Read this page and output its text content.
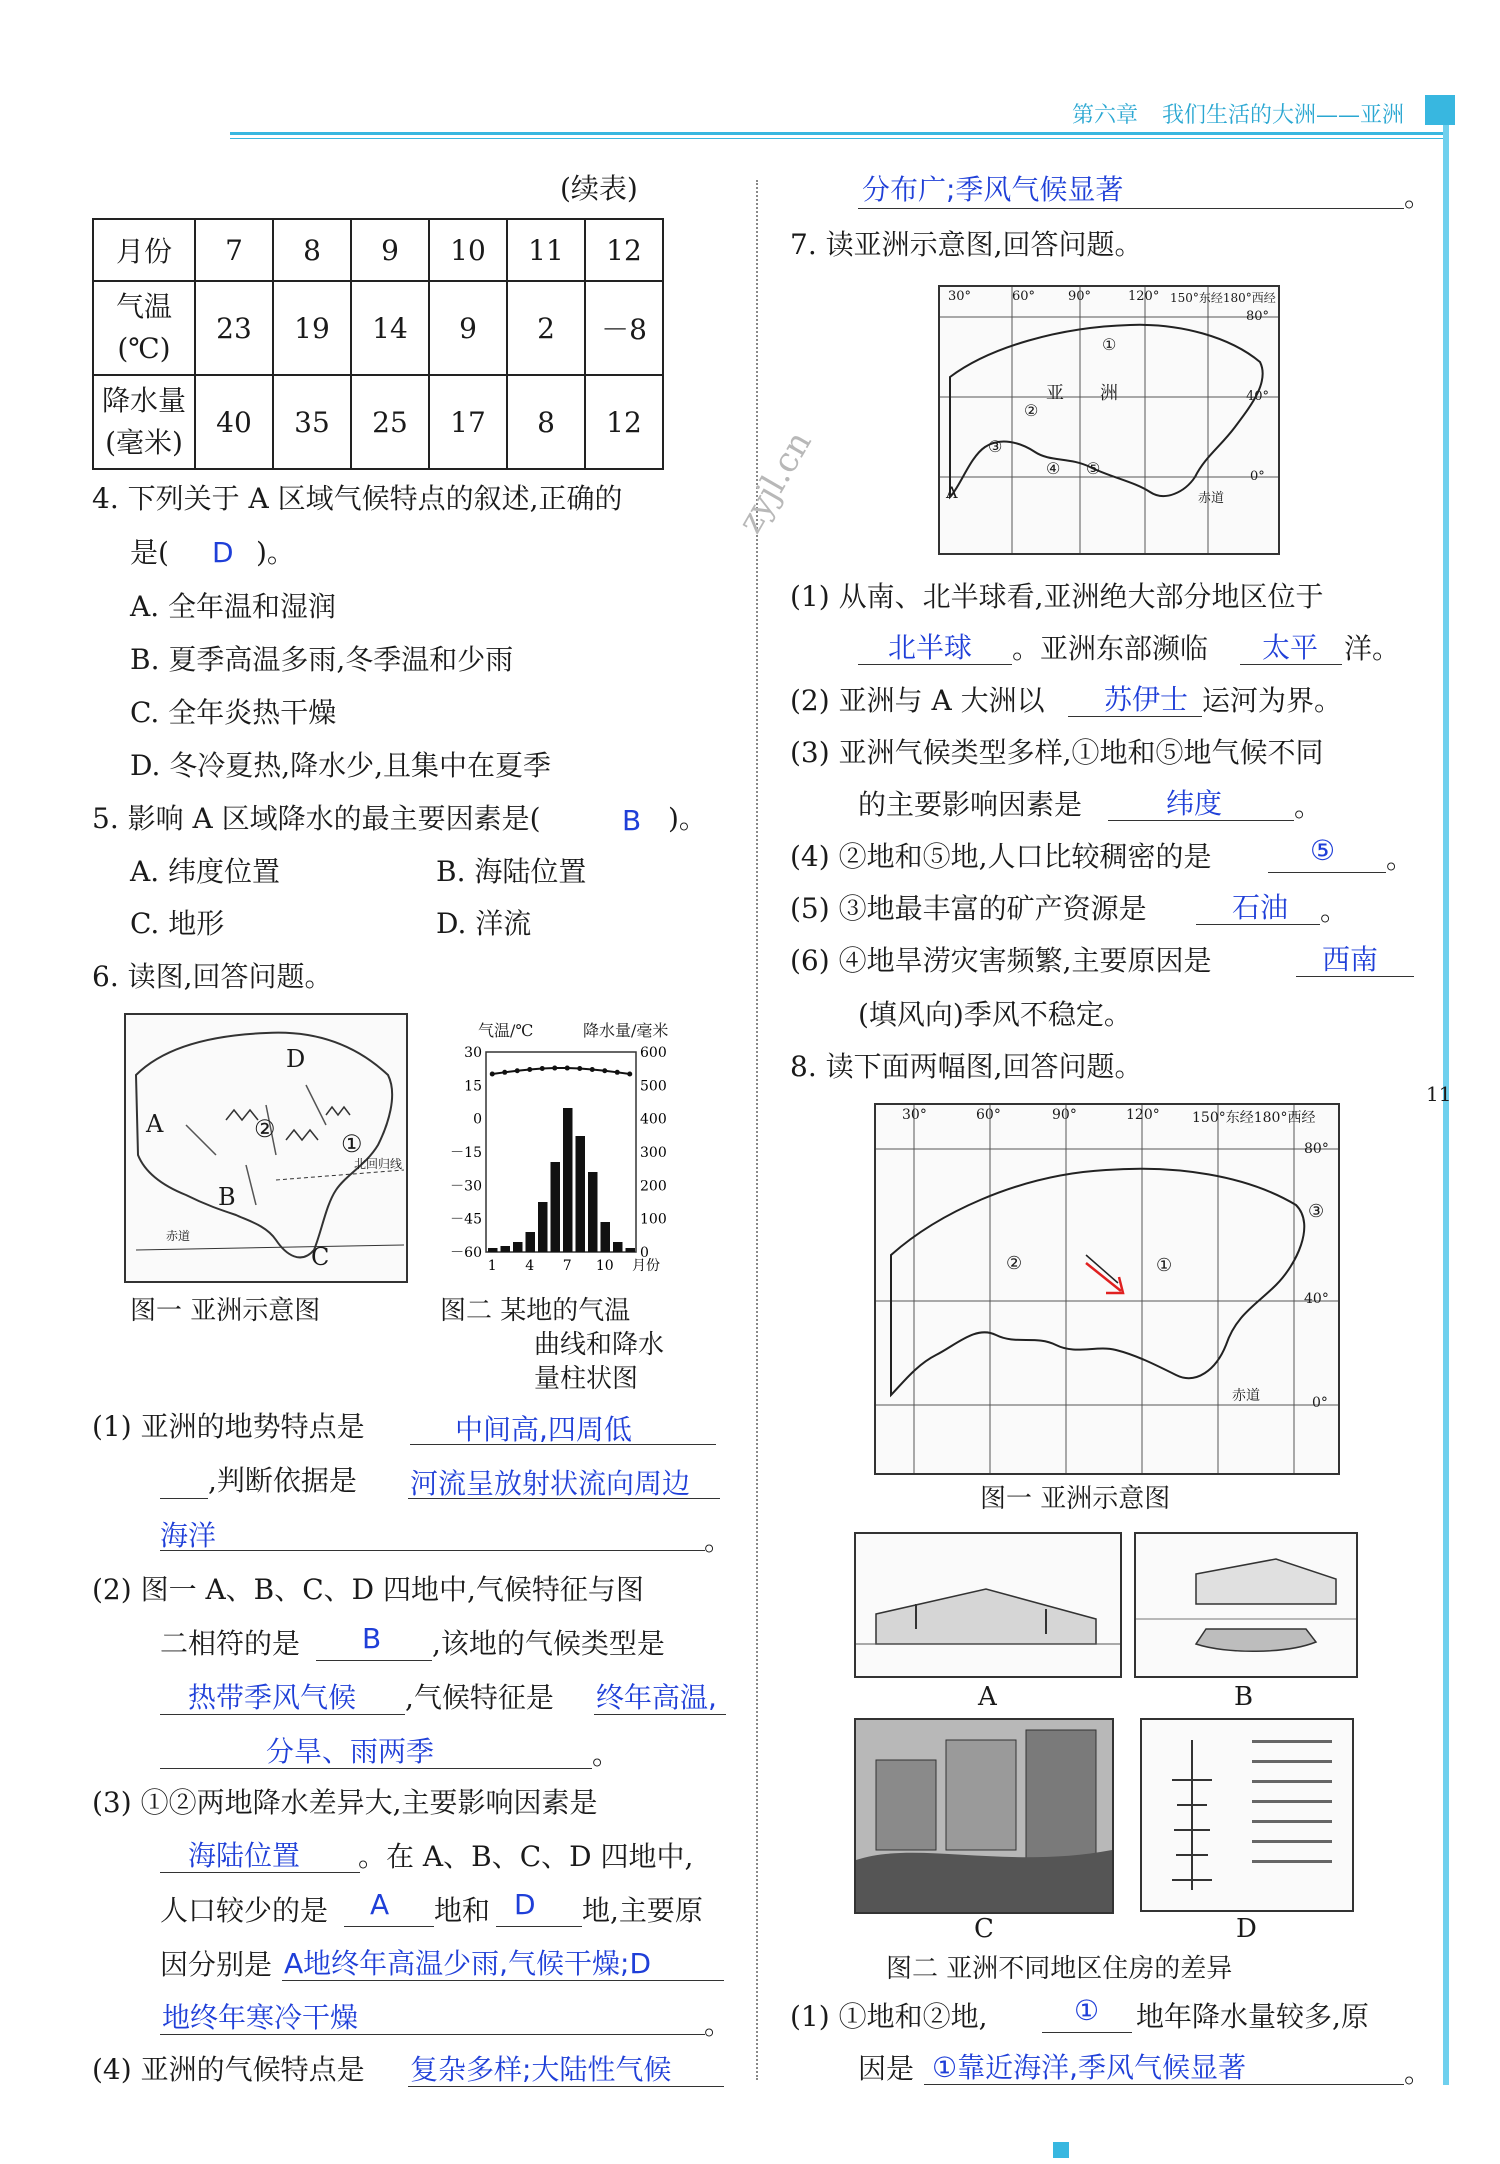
第六章 我们生活的大洲——亚洲
11
zyjl.cn
(续表)
月份	7	8	9	10	11	12
气温
(℃)	23	19	14	9	2	－8
降水量
(毫米)	40	35	25	17	8	12
4. 下列关于 A 区域气候特点的叙述,正确的
是( D )。
A. 全年温和湿润
B. 夏季高温多雨,冬季温和少雨
C. 全年炎热干燥
D. 冬冷夏热,降水少,且集中在夏季
5. 影响 A 区域降水的最主要因素是(	B )。
A. 纬度位置	B. 海陆位置
C. 地形	D. 洋流
6. 读图,回答问题。
A
B
C
D
①
②
北回归线
赤道
图一 亚洲示意图
气温/℃	降水量/毫米
30
15
0
－15
－30
－45
－60
600
500
400
300
200
100
0
1 4 7 10 月份
图二 某地的气温
曲线和降水
量柱状图
(1) 亚洲的地势特点是	中间高,四周低
,判断依据是 河流呈放射状流向周边
海洋	。
(2) 图一 A、B、C、D 四地中,气候特征与图
二相符的是 B ,该地的气候类型是
热带季风气候 ,气候特征是 终年高温,
分旱、雨两季	。
(3) ①②两地降水差异大,主要影响因素是
海陆位置 。在 A、B、C、D 四地中,
人口较少的是 A 地和 D 地,主要原
因分别是 A地终年高温少雨,气候干燥;D
地终年寒冷干燥	。
(4) 亚洲的气候特点是 复杂多样;大陆性气候
分布广;季风气候显著	。
7. 读亚洲示意图,回答问题。
30°	60°	90°	120° 150°东经180°西经
80°
40°
0°
亚 洲
①
②
③
④ ⑤
A	赤道
(1) 从南、北半球看,亚洲绝大部分地区位于
北半球 。亚洲东部濒临 太平 洋。
(2) 亚洲与 A 大洲以 苏伊士 运河为界。
(3) 亚洲气候类型多样,①地和⑤地气候不同
的主要影响因素是	纬度	。
(4) ②地和⑤地,人口比较稠密的是	⑤ 。
(5) ③地最丰富的矿产资源是	石油 。
(6) ④地旱涝灾害频繁,主要原因是	西南
(填风向)季风不稳定。
8. 读下面两幅图,回答问题。
30°	60°	90°	120° 150°东经180°西经
80°
40°
0°
①
②
③
赤道
图一 亚洲示意图
A	B
C	D
图二 亚洲不同地区住房的差异
(1) ①地和②地,	① 地年降水量较多,原
因是 ①靠近海洋,季风气候显著	。
